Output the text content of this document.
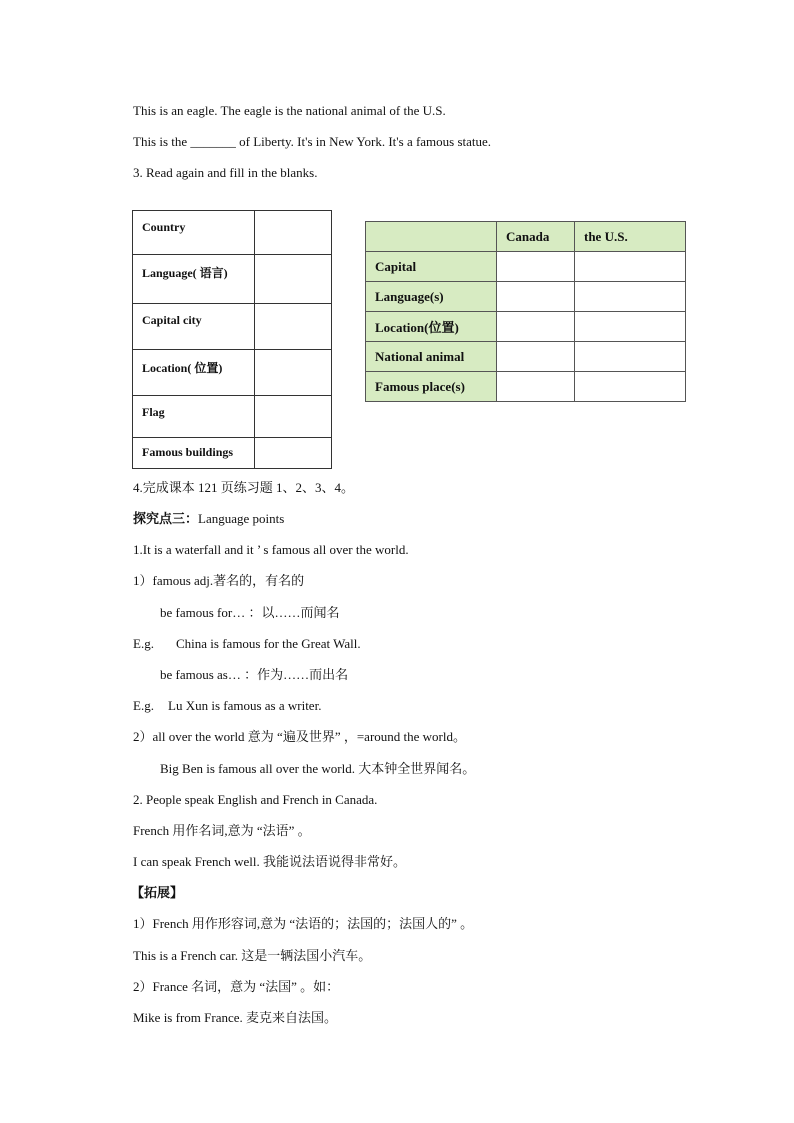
This is an eagle. The eagle is the national animal of the U.S.
This is the _______ of Liberty. It's in New York. It's a famous statue.
3. Read again and fill in the blanks.
Country	
Language( 语言)	
Capital city	
Location( 位置)	
Flag	
Famous buildings	
	Canada	the U.S.
Capital		
Language(s)		
Location(位置)		
National animal		
Famous place(s)		
4.完成课本 121 页练习题 1、2、3、4。
探究点三：Language points
1.It is a waterfall and it ’ s famous all over the world.
1）famous adj.著名的，有名的
be famous for… ：以……而闻名
E.g. China is famous for the Great Wall.
be famous as… ：作为……而出名
E.g. Lu Xun is famous as a writer.
2）all over the world 意为 “遍及世界” ，=around the world。
Big Ben is famous all over the world. 大本钟全世界闻名。
2. People speak English and French in Canada.
French 用作名词,意为 “法语” 。
I can speak French well. 我能说法语说得非常好。
【拓展】
1）French 用作形容词,意为 “法语的；法国的；法国人的” 。
This is a French car. 这是一辆法国小汽车。
2）France 名词，意为 “法国” 。如：
Mike is from France. 麦克来自法国。
